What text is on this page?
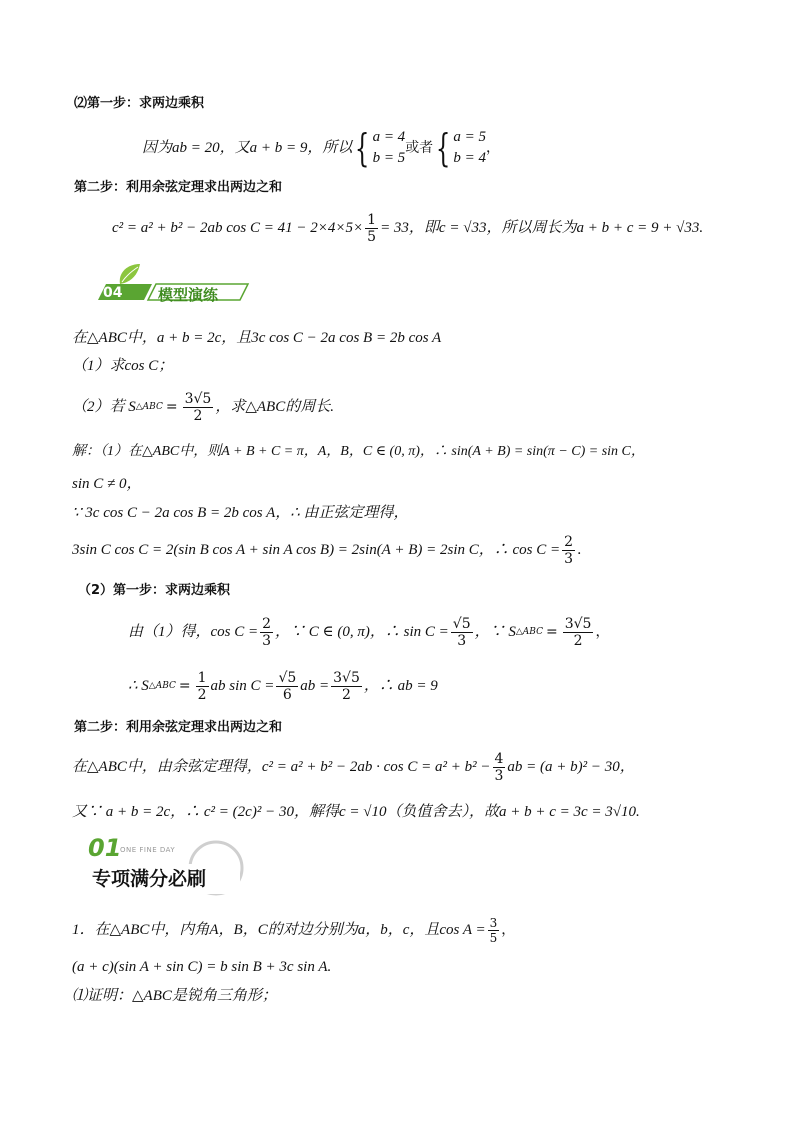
⑵第一步：求两边乘积
因为ab = 20，又a + b = 9，所以 { a = 4
b = 5
或者 { a = 5
b = 4
，
第二步：利用余弦定理求出两边之和
c² = a² + b² − 2ab $\cos C = 41 - 2\times 4\times 5\times \frac{1}{5} = 33$，即c = √33，所以周长为a + b + c = 9 + √33.
04 模型演练
在△ABC中，a + b = 2c，且3c cos C − 2a cos B = 2b cos A
（1）求cos C；
（2）若 S △ABC = $\frac{3√5}{2}$ ，求△ABC的周长.
解：（1）在△ABC中，则A + B + C = π，A，B，C ∈ (0, π)，∴ sin(A + B) = sin(π − C) = sin C，
sin C ≠ 0，
∵ 3c cos C − 2a cos B = 2b cos A，∴ 由正弦定理得，
3sin C cos C = 2(sin B cos A + sin A cos B) = 2sin(A + B) = 2sin C，∴ $\cos C = \frac{2}{3}$ .
（2）第一步：求两边乘积
由（1）得，$\cos C = \frac{2}{3}$ ，∵ C ∈ (0, π)，∴ $\sin C = \frac{√5}{3}$ ，∵ S △ABC = $\frac{3√5}{2}$ ，
∴ S △ABC = $\frac{1}{2}$ ab $\sin C = \frac{√5}{6}$ ab = $\frac{3√5}{2}$ ，∴ ab = 9
第二步：利用余弦定理求出两边之和
在△ABC中，由余弦定理得，$c^2 = a^2 + b^2 - 2ab \cdot \cos C = a^2 + b^2 - \frac{4}{3}$ ab = (a + b)² − 30，
又∵ a + b = 2c，∴ c² = (2c)² − 30，解得c = √10（负值舍去），故a + b + c = 3c = 3√10.
01
ONE FINE DAY
专项满分必刷
1．在△ABC中，内角A，B，C的对边分别为a，b，c，且$\cos A = \frac{3}{5}$ ，
(a + c)(sin A + sin C) = b sin B + 3c sin A.
⑴证明：△ABC是锐角三角形；
